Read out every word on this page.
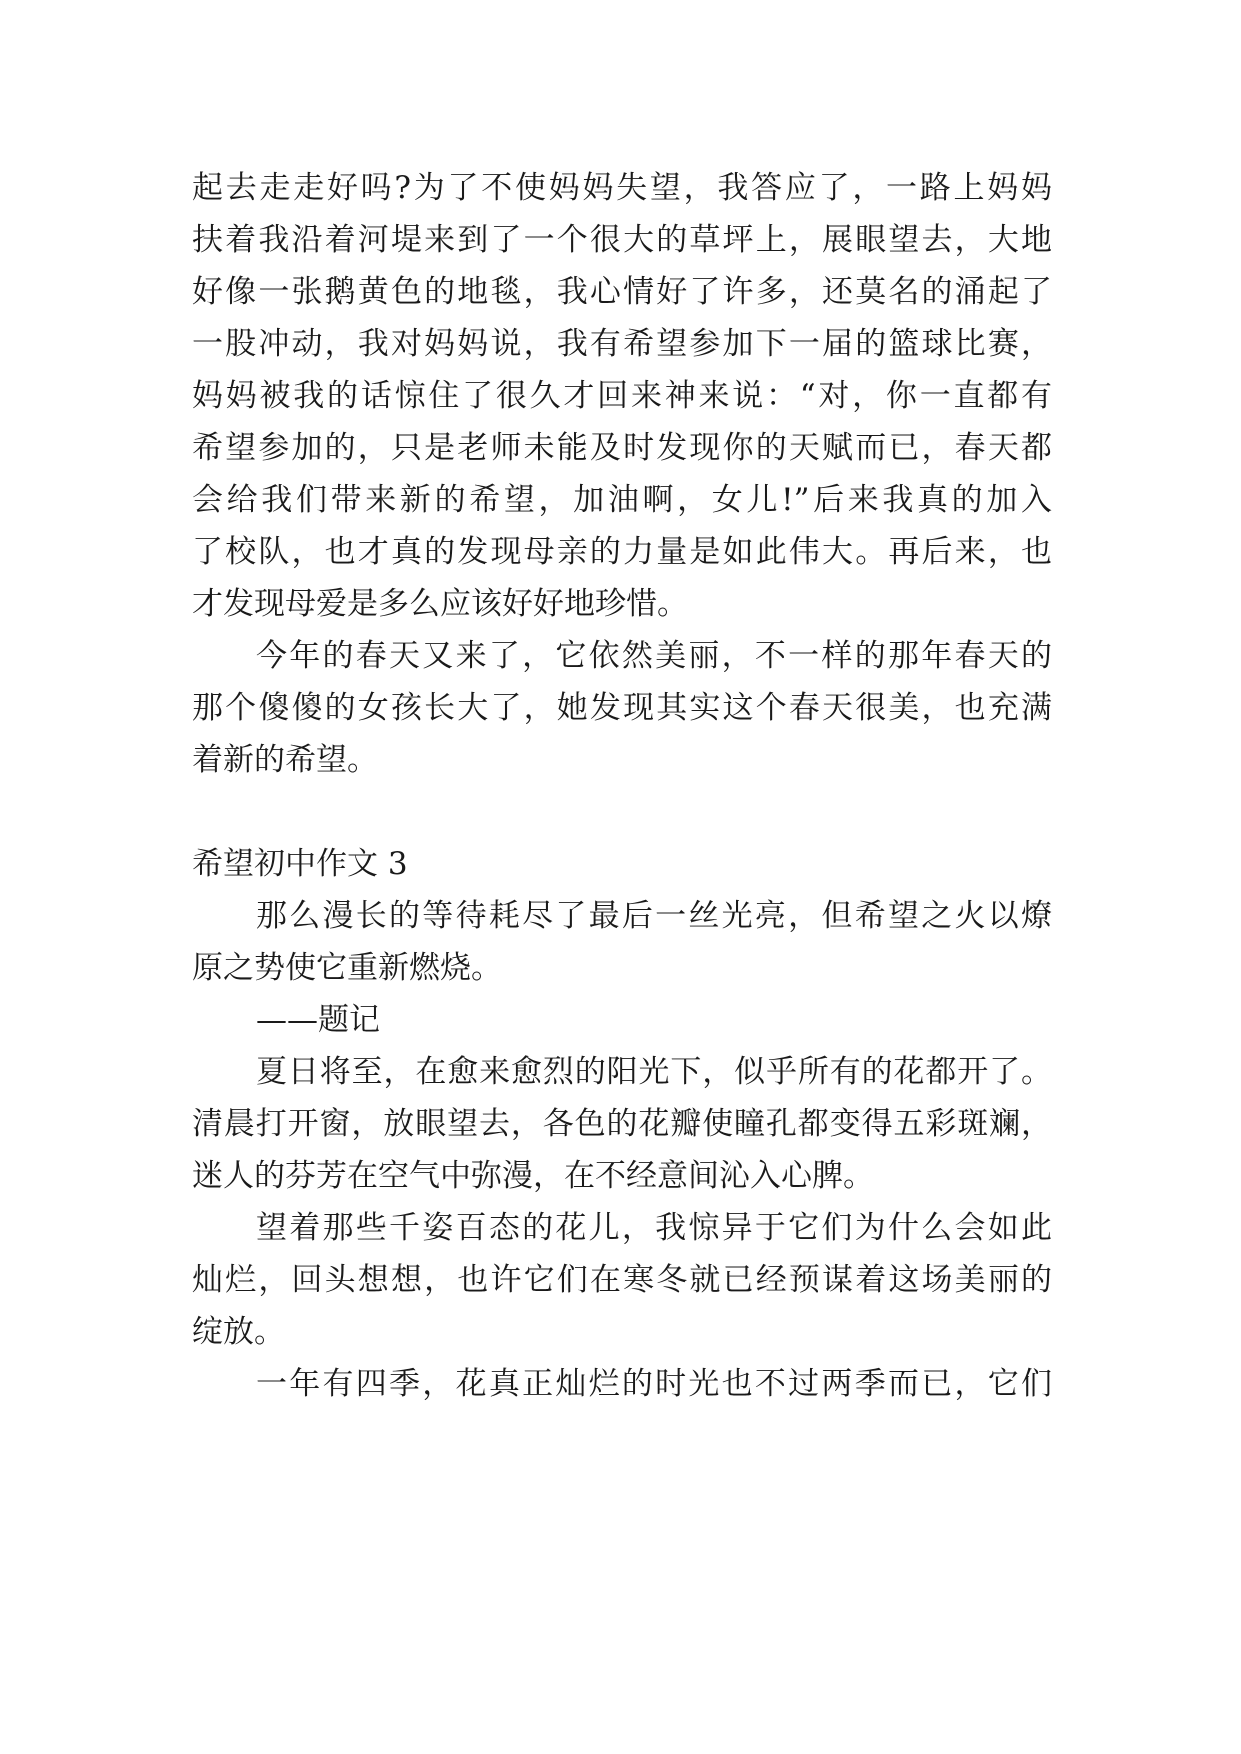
起去走走好吗?为了不使妈妈失望，我答应了，一路上妈妈
扶着我沿着河堤来到了一个很大的草坪上，展眼望去，大地
好像一张鹅黄色的地毯，我心情好了许多，还莫名的涌起了
一股冲动，我对妈妈说，我有希望参加下一届的篮球比赛，
妈妈被我的话惊住了很久才回来神来说：“对，你一直都有
希望参加的，只是老师未能及时发现你的天赋而已，春天都
会给我们带来新的希望，加油啊，女儿!”后来我真的加入
了校队，也才真的发现母亲的力量是如此伟大。再后来，也
才发现母爱是多么应该好好地珍惜。
今年的春天又来了，它依然美丽，不一样的那年春天的
那个傻傻的女孩长大了，她发现其实这个春天很美，也充满
着新的希望。
希望初中作文 3
那么漫长的等待耗尽了最后一丝光亮，但希望之火以燎
原之势使它重新燃烧。
——题记
夏日将至，在愈来愈烈的阳光下，似乎所有的花都开了。
清晨打开窗，放眼望去，各色的花瓣使瞳孔都变得五彩斑斓，
迷人的芬芳在空气中弥漫，在不经意间沁入心脾。
望着那些千姿百态的花儿，我惊异于它们为什么会如此
灿烂，回头想想，也许它们在寒冬就已经预谋着这场美丽的
绽放。
一年有四季，花真正灿烂的时光也不过两季而已，它们
